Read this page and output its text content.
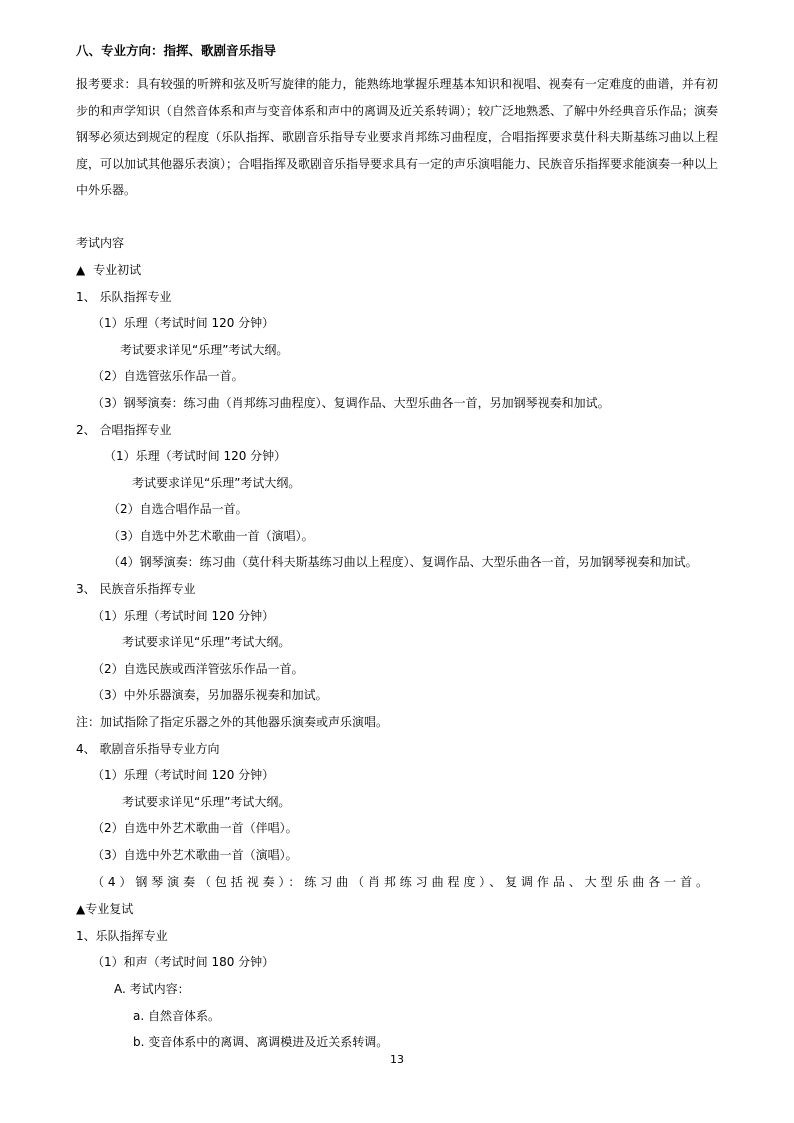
八、专业方向：指挥、歌剧音乐指导
报考要求：具有较强的听辨和弦及听写旋律的能力，能熟练地掌握乐理基本知识和视唱、视奏有一定难度的曲谱，并有初步的和声学知识（自然音体系和声与变音体系和声中的离调及近关系转调）；较广泛地熟悉、了解中外经典音乐作品；演奏钢琴必须达到规定的程度（乐队指挥、歌剧音乐指导专业要求肖邦练习曲程度，合唱指挥要求莫什科夫斯基练习曲以上程度，可以加试其他器乐表演）；合唱指挥及歌剧音乐指导要求具有一定的声乐演唱能力、民族音乐指挥要求能演奏一种以上中外乐器。
考试内容
▲ 专业初试
1、 乐队指挥专业
（1）乐理（考试时间 120 分钟）
考试要求详见“乐理”考试大纲。
（2）自选管弦乐作品一首。
（3）钢琴演奏：练习曲（肖邦练习曲程度）、复调作品、大型乐曲各一首，另加钢琴视奏和加试。
2、 合唱指挥专业
（1）乐理（考试时间 120 分钟）
考试要求详见“乐理”考试大纲。
（2）自选合唱作品一首。
（3）自选中外艺术歌曲一首（演唱）。
（4）钢琴演奏：练习曲（莫什科夫斯基练习曲以上程度）、复调作品、大型乐曲各一首，另加钢琴视奏和加试。
3、 民族音乐指挥专业
（1）乐理（考试时间 120 分钟）
考试要求详见“乐理”考试大纲。
（2）自选民族或西洋管弦乐作品一首。
（3）中外乐器演奏，另加器乐视奏和加试。
注：加试指除了指定乐器之外的其他器乐演奏或声乐演唱。
4、 歌剧音乐指导专业方向
（1）乐理（考试时间 120 分钟）
考试要求详见“乐理”考试大纲。
（2）自选中外艺术歌曲一首（伴唱）。
（3）自选中外艺术歌曲一首（演唱）。
（4）钢琴演奏（包括视奏）：练习曲（肖邦练习曲程度）、复调作品、大型乐曲各一首。
▲专业复试
1、乐队指挥专业
（1）和声（考试时间 180 分钟）
A. 考试内容：
a. 自然音体系。
b. 变音体系中的离调、离调模进及近关系转调。
13
